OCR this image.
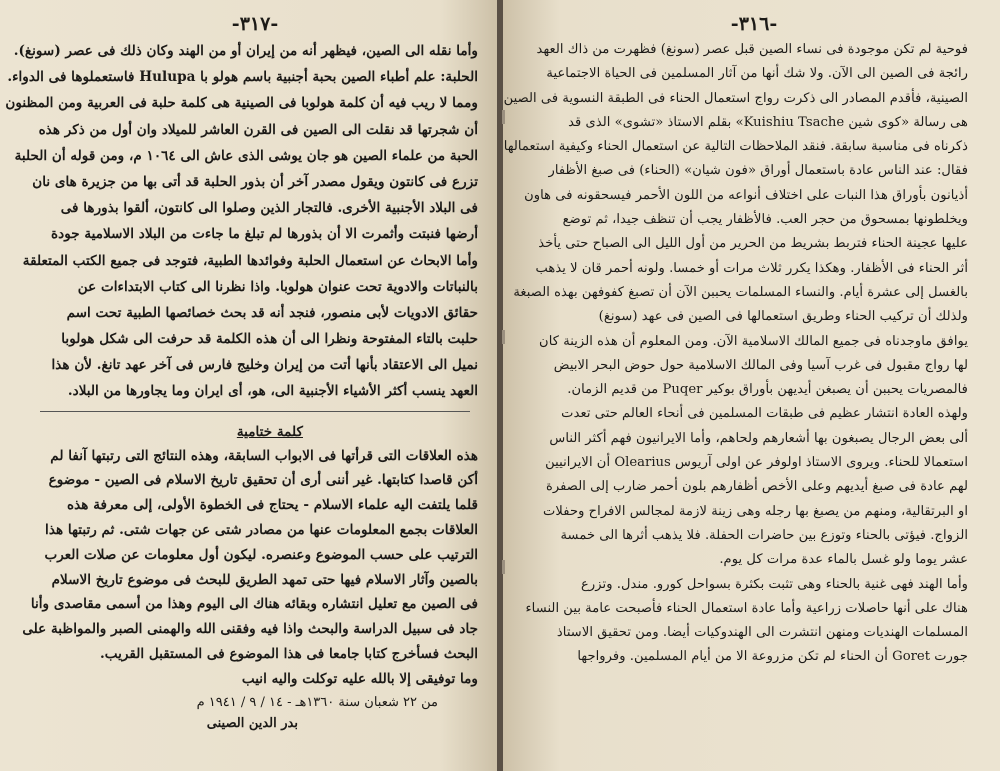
-٣١٧-
وأما نقله الى الصين، فيظهر أنه من إيران أو من الهند وكان ذلك فى عصر (سونغ).
الحلبة: علم أطباء الصين بحبة أجنبية باسم هولو با Hulupa فاستعملوها فى الدواء.
ومما لا ريب فيه أن كلمة هولوبا فى الصينية هى كلمة حلبة فى العربية ومن المظنون
أن شجرتها قد نقلت الى الصين فى القرن العاشر للميلاد وان أول من ذكر هذه
الحبة من علماء الصين هو جان يوشى الذى عاش الى ١٠٦٤ م، ومن قوله أن الحلبة
تزرع فى كانتون ويقول مصدر آخر أن بذور الحلبة قد أتى بها من جزيرة هاى نان
فى البلاد الأجنبية الأخرى. فالتجار الذين وصلوا الى كانتون، ألقوا بذورها فى
أرضها فنبتت وأثمرت الا أن بذورها لم تبلغ ما جاءت من البلاد الاسلامية جودة
وأما الابحاث عن استعمال الحلبة وفوائدها الطبية، فتوجد فى جميع الكتب المتعلقة
بالنباتات والادوية تحت عنوان هولوبا. واذا نظرنا الى كتاب الابتداءات عن
حقائق الادويات لأبى منصور، فنجد أنه قد بحث خصائصها الطبية تحت اسم
حلبت بالتاء المفتوحة ونظرا الى أن هذه الكلمة قد حرفت الى شكل هولوبا
نميل الى الاعتقاد بأنها أتت من إيران وخليج فارس فى آخر عهد تانغ. لأن هذا
العهد ينسب أكثر الأشياء الأجنبية الى، هو، أى ايران وما يجاورها من البلاد.
كلمة ختامية
هذه العلاقات التى قرأتها فى الابواب السابقة، وهذه النتائج التى رتبتها آنفا لم
أكن قاصدا كتابتها. غير أننى أرى أن تحقيق تاريخ الاسلام فى الصين - موضوع
قلما يلتفت اليه علماء الاسلام - يحتاج فى الخطوة الأولى، إلى معرفة هذه
العلاقات بجمع المعلومات عنها من مصادر شتى عن جهات شتى. ثم رتبتها هذا
الترتيب على حسب الموضوع وعنصره. ليكون أول معلومات عن صلات العرب
بالصين وآثار الاسلام فيها حتى تمهد الطريق للبحث فى موضوع تاريخ الاسلام
فى الصين مع تعليل انتشاره وبقائه هناك الى اليوم وهذا من أسمى مقاصدى وأنا
جاد فى سبيل الدراسة والبحث واذا فيه وفقنى الله والهمنى الصبر والمواظبة على
البحث فسأخرج كتابا جامعا فى هذا الموضوع فى المستقبل القريب.
وما توفيقى إلا بالله عليه توكلت واليه انيب
من ٢٢ شعبان سنة ١٣٦٠هـ - ١٤ / ٩ / ١٩٤١ م
بدر الدين الصينى
-٣١٦-
فوحية لم تكن موجودة فى نساء الصين قبل عصر (سونغ) فظهرت من ذاك العهد
رائجة فى الصين الى الآن. ولا شك أنها من آثار المسلمين فى الحياة الاجتماعية
الصينية، فأقدم المصادر الى ذكرت رواج استعمال الحناء فى الطبقة النسوية فى الصين
هى رسالة «كوى شين Kuishiu Tsache» بقلم الاستاذ «تشوى» الذى قد
ذكرناه فى مناسبة سابقة. فنقد الملاحظات التالية عن استعمال الحناء وكيفية استعمالها
فقال: عند الناس عادة باستعمال أوراق «فون شيان» (الحناء) فى صبغ الأظفار
أذيانون بأوراق هذا النبات على اختلاف أنواعه من اللون الأحمر فيسحقونه فى هاون
ويخلطونها بمسحوق من حجر العب. فالأظفار يجب أن تنظف جيدا، ثم توضع
عليها عجينة الحناء فتربط بشريط من الحرير من أول الليل الى الصباح حتى يأخذ
أثر الحناء فى الأظفار. وهكذا يكرر ثلاث مرات أو خمسا. ولونه أحمر قان لا يذهب
بالغسل إلى عشرة أيام. والنساء المسلمات يحببن الآن أن تصبغ كفوفهن بهذه الصبغة
ولذلك أن تركيب الحناء وطريق استعمالها فى الصين فى عهد (سونغ)
يوافق ماوجدناه فى جميع المالك الاسلامية الآن. ومن المعلوم أن هذه الزينة كان
لها رواج مقبول فى غرب آسيا وفى المالك الاسلامية حول حوض البحر الابيض
فالمصريات يحببن أن يصبغن أيديهن بأوراق بوكير Puqer من قديم الزمان.
ولهذه العادة انتشار عظيم فى طبقات المسلمين فى أنحاء العالم حتى تعدت
ألى بعض الرجال يصبغون بها أشعارهم ولحاهم، وأما الايرانيون فهم أكثر الناس
استعمالا للحناء. ويروى الاستاذ اولوفر عن اولى آريوس Olearius أن الايرانيين
لهم عادة فى صبغ أيديهم وعلى الأخص أظفارهم بلون أحمر ضارب إلى الصفرة
او البرتقالية، ومنهم من يصبغ بها رجله وهى زينة لازمة لمجالس الافراح وحفلات
الزواج. فيؤتى بالحناء وتوزع بين حاضرات الحفلة. فلا يذهب أثرها الى خمسة
عشر يوما ولو غسل بالماء عدة مرات كل يوم.
وأما الهند فهى غنية بالحناء وهى تثبت بكثرة بسواحل كورو. مندل. وتزرع
هناك على أنها حاصلات زراعية وأما عادة استعمال الحناء فأصبحت عامة بين النساء
المسلمات الهنديات ومنهن انتشرت الى الهندوكيات أيضا. ومن تحقيق الاستاذ
جورت Goret أن الحناء لم تكن مزروعة الا من أيام المسلمين. وفرواجها
